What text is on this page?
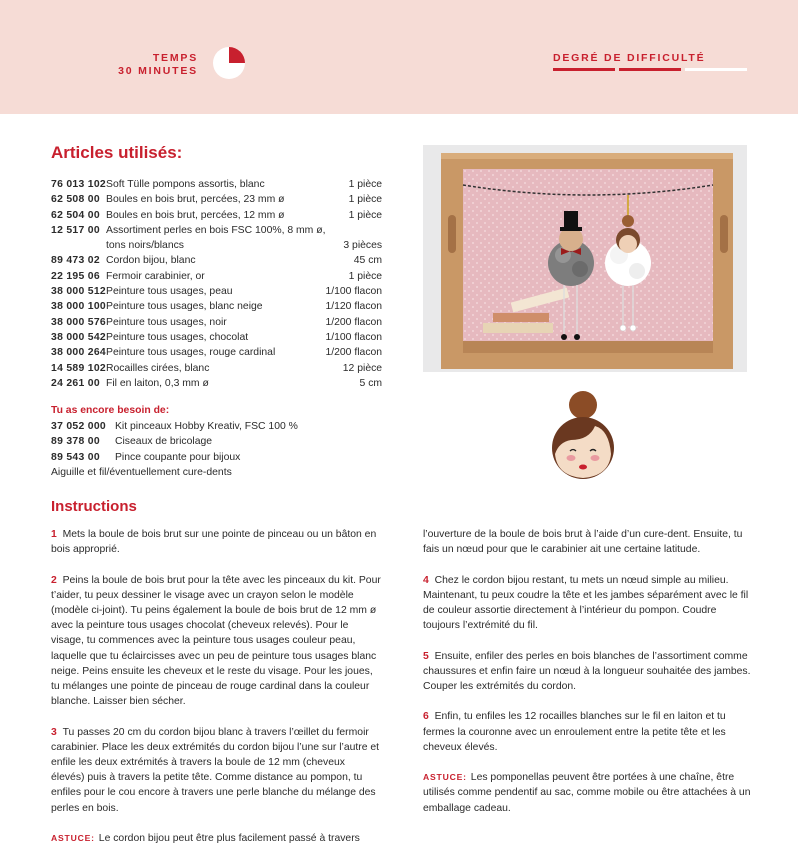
TEMPS
30 MINUTES
DEGRÉ DE DIFFICULTÉ
Articles utilisés:
76 013 102	Soft Tülle pompons assortis, blanc	1 pièce
62 508 00	Boules en bois brut, percées, 23 mm ø	1 pièce
62 504 00	Boules en bois brut, percées, 12 mm ø	1 pièce
12 517 00	Assortiment perles en bois FSC 100%, 8 mm ø,	
	tons noirs/blancs	3 pièces
89 473 02	Cordon bijou, blanc	45 cm
22 195 06	Fermoir carabinier, or	1 pièce
38 000 512	Peinture tous usages, peau	1/100 flacon
38 000 100	Peinture tous usages, blanc neige	1/120 flacon
38 000 576	Peinture tous usages, noir	1/200 flacon
38 000 542	Peinture tous usages, chocolat	1/100 flacon
38 000 264	Peinture tous usages, rouge cardinal	1/200 flacon
14 589 102	Rocailles cirées, blanc	12 pièce
24 261 00	Fil en laiton, 0,3 mm ø	5 cm
Tu as encore besoin de:
37 052 000	Kit pinceaux Hobby Kreativ, FSC 100 %
89 378 00	Ciseaux de bricolage
89 543 00	Pince coupante pour bijoux
Aiguille et fil/éventuellement cure-dents
Instructions

1 Mets la boule de bois brut sur une pointe de pinceau ou un bâton en bois approprié.

2 Peins la boule de bois brut pour la tête avec les pinceaux du kit. Pour t’aider, tu peux dessiner le visage avec un crayon selon le modèle (modèle ci-joint). Tu peins également la boule de bois brut de 12 mm ø avec la peinture tous usages chocolat (cheveux relevés). Pour le visage, tu commences avec la peinture tous usages couleur peau, laquelle que tu éclaircisses avec un peu de peinture tous usages blanc neige. Peins ensuite les cheveux et le reste du visage. Pour les joues, tu mélanges une pointe de pinceau de rouge cardinal dans la couleur blanche. Laisser bien sécher.

3 Tu passes 20 cm du cordon bijou blanc à travers l’œillet du fermoir carabinier. Place les deux extrémités du cordon bijou l’une sur l’autre et enfile les deux extrémités à travers la boule de 12 mm (cheveux élevés) puis à travers la petite tête. Comme distance au pompon, tu enfiles pour le cou encore à travers une perle blanche du mélange des perles en bois.

ASTUCE: Le cordon bijou peut être plus facilement passé à travers

l’ouverture de la boule de bois brut à l’aide d’un cure-dent. Ensuite, tu fais un nœud pour que le carabinier ait une certaine latitude.

4 Chez le cordon bijou restant, tu mets un nœud simple au milieu. Maintenant, tu peux coudre la tête et les jambes séparément avec le fil de couleur assortie directement à l’intérieur du pompon. Coudre toujours l’extrémité du fil.

5 Ensuite, enfiler des perles en bois blanches de l’assortiment comme chaussures et enfin faire un nœud à la longueur souhaitée des jambes. Couper les extrémités du cordon.

6 Enfin, tu enfiles les 12 rocailles blanches sur le fil en laiton et tu fermes la couronne avec un enroulement entre la petite tête et les cheveux élevés.

ASTUCE: Les pomponellas peuvent être portées à une chaîne, être utilisés comme pendentif au sac, comme mobile ou être attachées à un emballage cadeau.
